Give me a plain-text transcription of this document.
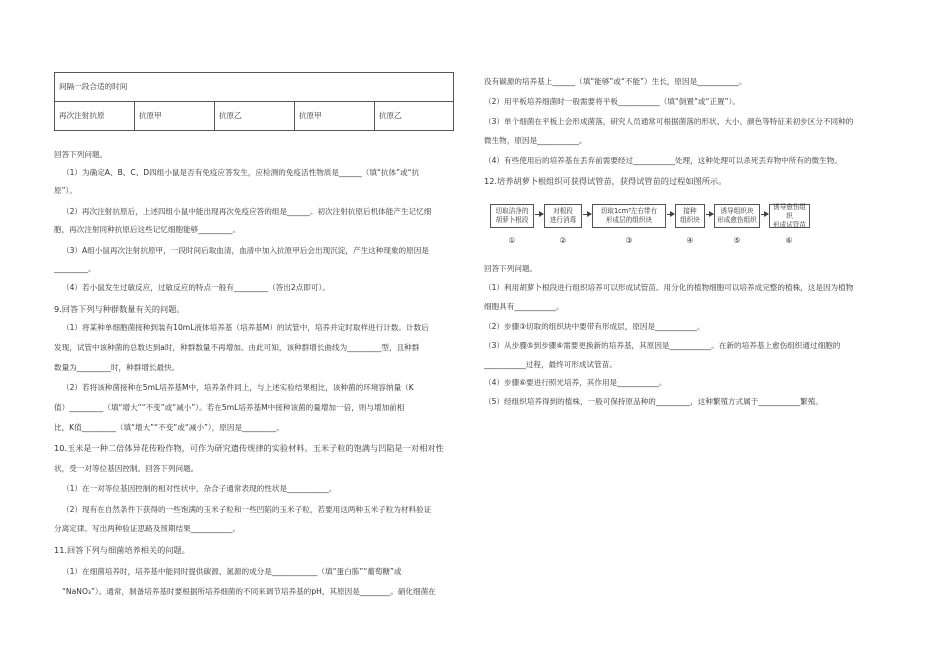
间隔一段合适的时间
再次注射抗原	抗原甲	抗原乙	抗原甲	抗原乙
回答下列问题。
（1）为确定A、B、C、D四组小鼠是否有免疫应答发生，应检测的免疫活性物质是______（填“抗体”或“抗
原”）。
（2）再次注射抗原后，上述四组小鼠中能出现再次免疫应答的组是______。初次注射抗原后机体能产生记忆细
胞，再次注射同种抗原后这些记忆细胞能够_________。
（3）A组小鼠再次注射抗原甲，一段时间后取血清，血清中加入抗原甲后会出现沉淀，产生这种现象的原因是
_________。
（4）若小鼠发生过敏反应，过敏反应的特点一般有_________（答出2点即可）。
9.回答下列与种群数量有关的问题。
（1）将某种单细胞菌接种到装有10mL液体培养基（培养基M）的试管中，培养并定时取样进行计数。计数后
发现，试管中该种菌的总数达到a时，种群数量不再增加。由此可知，该种群增长曲线为_________型，且种群
数量为_________时，种群增长最快。
（2）若将该种菌接种在5mL培养基M中，培养条件同上，与上述实验结果相比，该种菌的环境容纳量（K
值）_________（填“增大”“不变”或“减小”）。若在5mL培养基M中接种该菌的量增加一倍，则与增加前相
比，K值_________（填“增大”“不变”或“减小”），原因是_________。
10.玉米是一种二倍体异花传粉作物，可作为研究遗传规律的实验材料。玉米子粒的饱满与凹陷是一对相对性
状，受一对等位基因控制。回答下列问题。
（1）在一对等位基因控制的相对性状中，杂合子通常表现的性状是___________。
（2）现有在自然条件下获得的一些饱满的玉米子粒和一些凹陷的玉米子粒，若要用这两种玉米子粒为材料验证
分离定律。写出两种验证思路及预期结果___________。
11.回答下列与细菌培养相关的问题。
（1）在细菌培养时，培养基中能同时提供碳源、氮源的成分是____________（填“蛋白胨”“葡萄糖”或
“NaNO₃”）。通常，制备培养基时要根据所培养细菌的不同来调节培养基的pH，其原因是________。硝化细菌在
没有碳源的培养基上______（填“能够”或“不能”）生长，原因是___________。
（2）用平板培养细菌时一般需要将平板___________（填“倒置”或“正置”）。
（3）单个细菌在平板上会形成菌落，研究人员通常可根据菌落的形状、大小、颜色等特征来初步区分不同种的
微生物，原因是___________。
（4）有些使用后的培养基在丢弃前需要经过___________处理，这种处理可以杀死丢弃物中所有的微生物。
12.培养胡萝卜根组织可获得试管苗，获得试管苗的过程如图所示。
回答下列问题。
（1）利用胡萝卜根段进行组织培养可以形成试管苗。用分化的植物细胞可以培养成完整的植株，这是因为植物
细胞具有___________。
（2）步骤③切取的组织块中要带有形成层，原因是___________。
（3）从步骤⑤到步骤⑥需要更换新的培养基，其原因是___________。在新的培养基上愈伤组织通过细胞的
___________过程，最终可形成试管苗。
（4）步骤⑥要进行照光培养，其作用是___________。
（5）经组织培养得到的植株，一般可保持原品种的_________，这种繁殖方式属于___________繁殖。
切取洁净的
胡萝卜根段
对根段
进行消毒
切取1cm³左右带有
形成层的组织块
接种
组织块
诱导组织块
形成愈伤组织
诱导愈伤组织
形成试管苗
①	②	③	④	⑤	⑥
